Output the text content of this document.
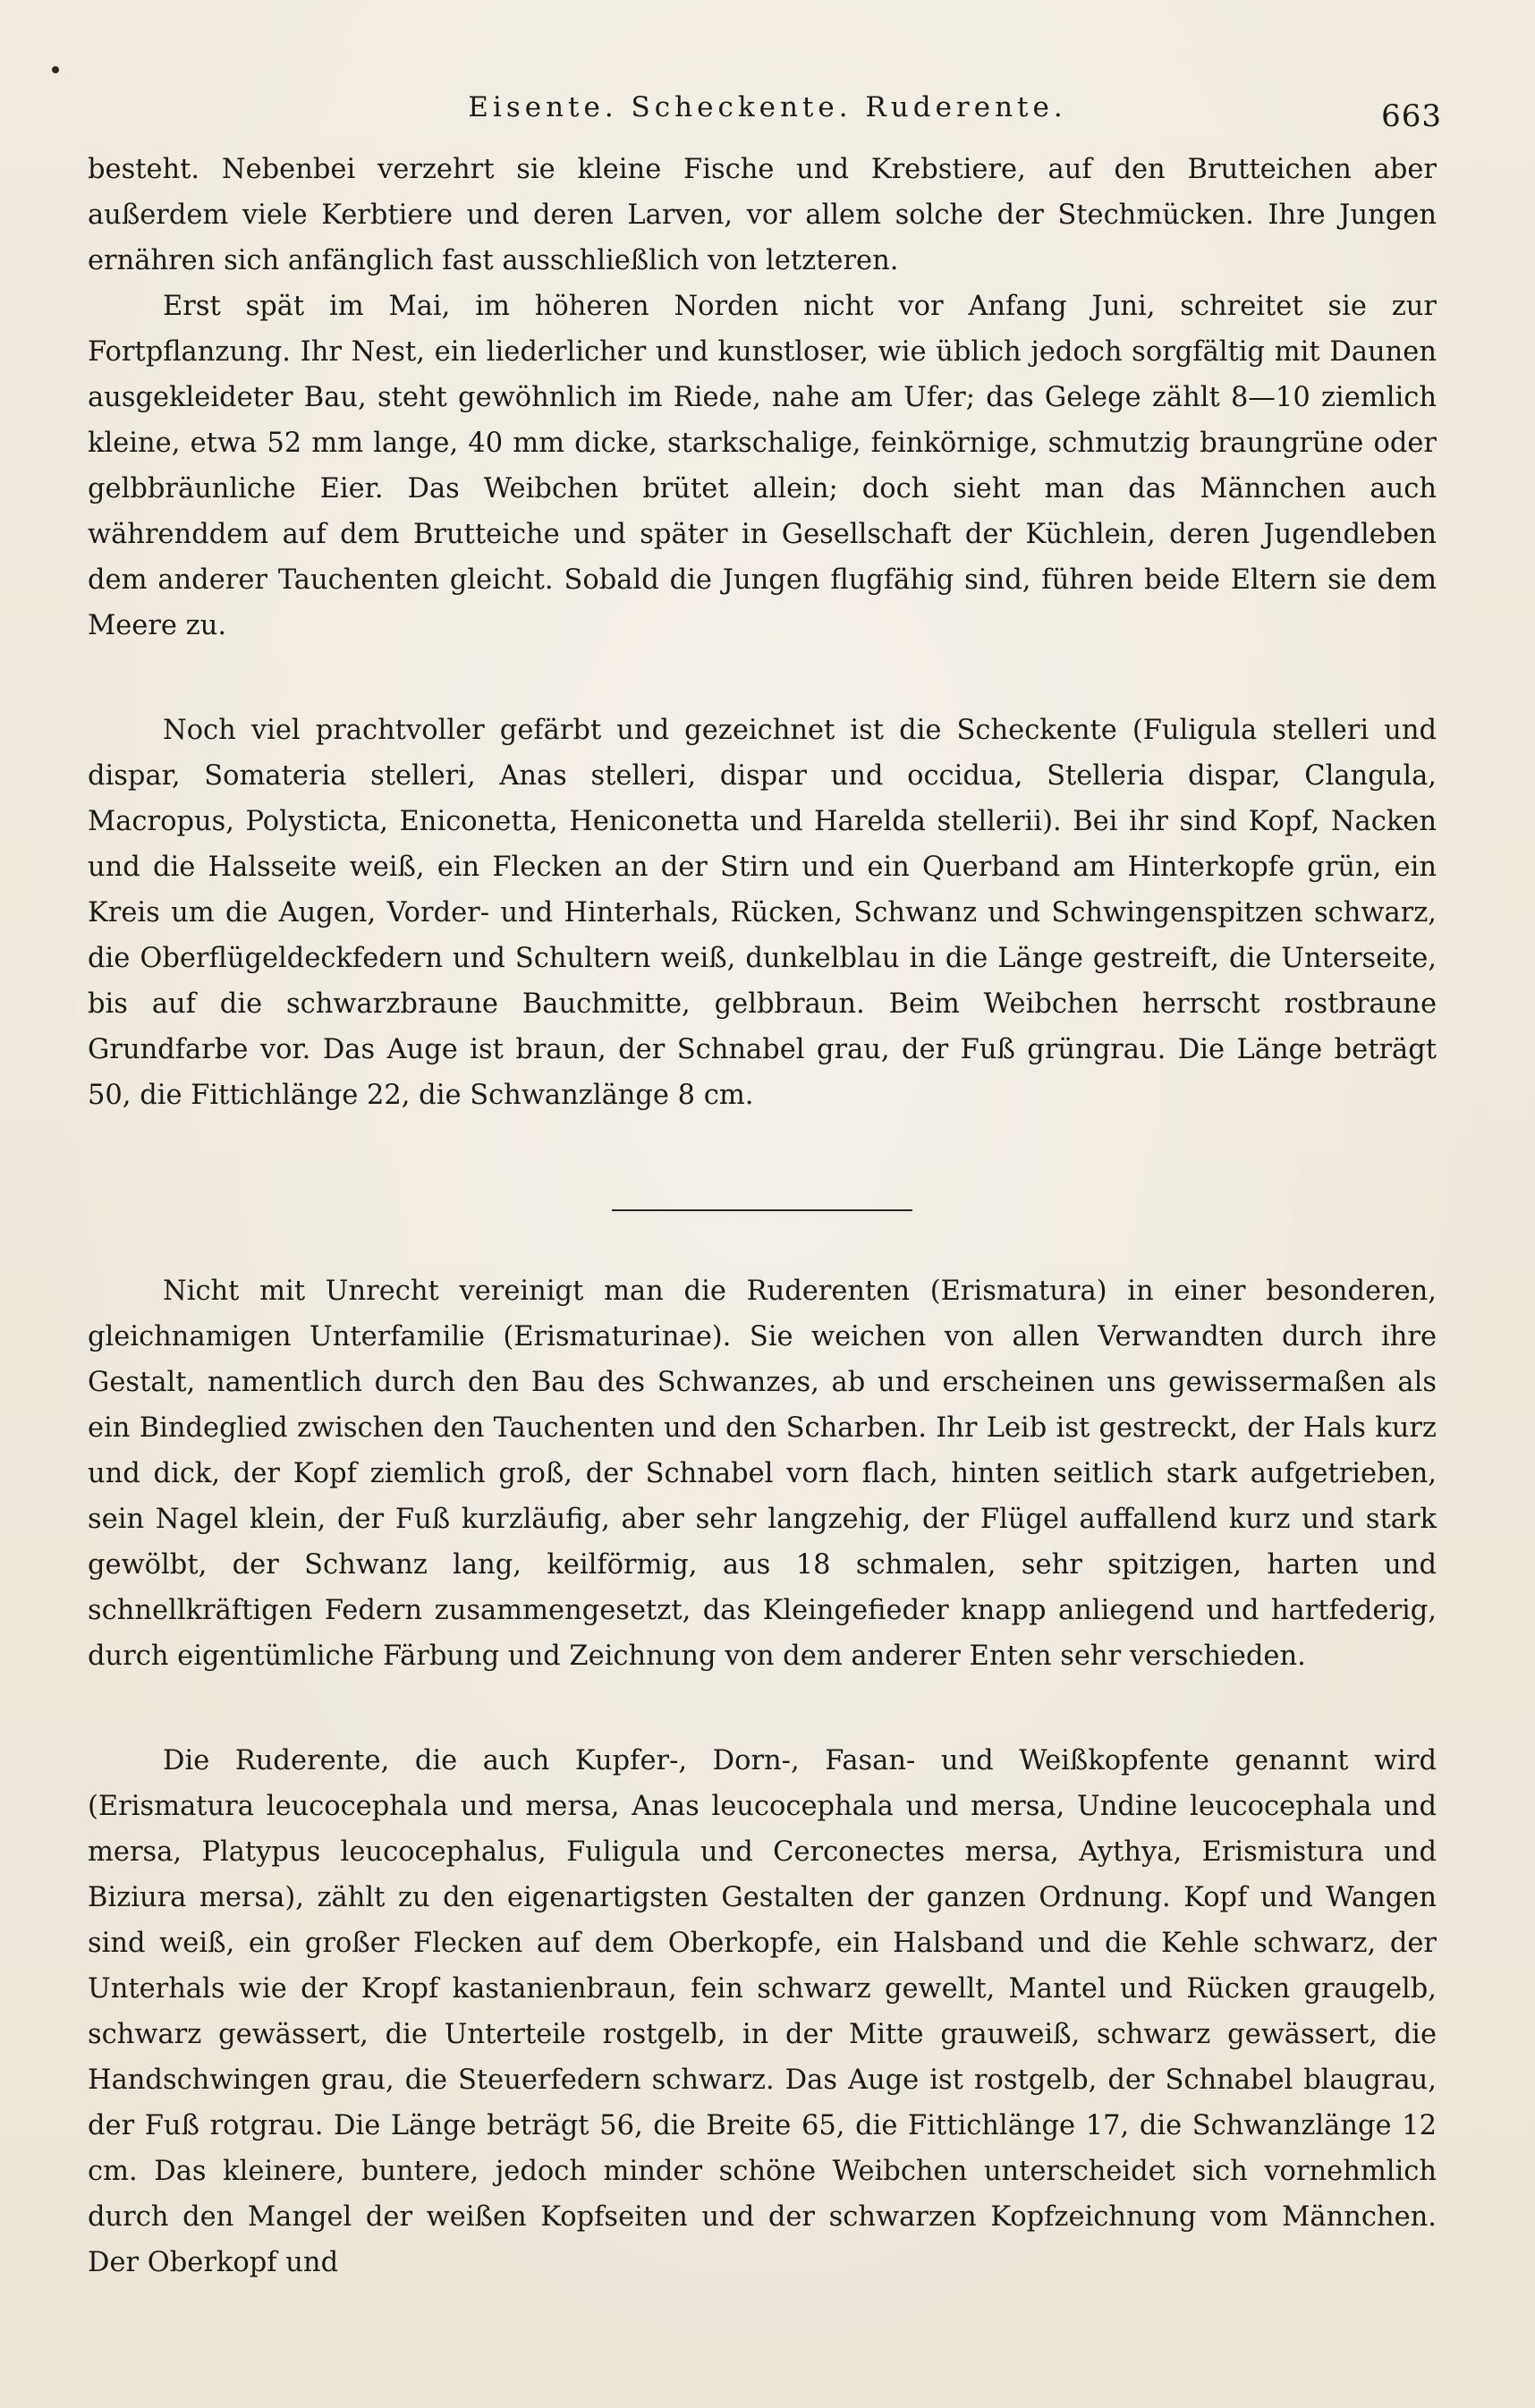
Eisente. Scheckente. Ruderente.	663

besteht. Nebenbei verzehrt sie kleine Fische und Krebstiere, auf den Brutteichen aber außerdem viele Kerbtiere und deren Larven, vor allem solche der Stechmücken. Ihre Jungen ernähren sich anfänglich fast ausschließlich von letzteren.

Erst spät im Mai, im höheren Norden nicht vor Anfang Juni, schreitet sie zur Fortpflanzung. Ihr Nest, ein liederlicher und kunstloser, wie üblich jedoch sorgfältig mit Daunen ausgekleideter Bau, steht gewöhnlich im Riede, nahe am Ufer; das Gelege zählt 8—10 ziemlich kleine, etwa 52 mm lange, 40 mm dicke, starkschalige, feinkörnige, schmutzig braungrüne oder gelbbräunliche Eier. Das Weibchen brütet allein; doch sieht man das Männchen auch währenddem auf dem Brutteiche und später in Gesellschaft der Küchlein, deren Jugendleben dem anderer Tauchenten gleicht. Sobald die Jungen flugfähig sind, führen beide Eltern sie dem Meere zu.

Noch viel prachtvoller gefärbt und gezeichnet ist die Scheckente (Fuligula stelleri und dispar, Somateria stelleri, Anas stelleri, dispar und occidua, Stelleria dispar, Clangula, Macropus, Polysticta, Eniconetta, Heniconetta und Harelda stellerii). Bei ihr sind Kopf, Nacken und die Halsseite weiß, ein Flecken an der Stirn und ein Querband am Hinterkopfe grün, ein Kreis um die Augen, Vorder- und Hinterhals, Rücken, Schwanz und Schwingenspitzen schwarz, die Oberflügeldeckfedern und Schultern weiß, dunkelblau in die Länge gestreift, die Unterseite, bis auf die schwarzbraune Bauchmitte, gelbbraun. Beim Weibchen herrscht rostbraune Grundfarbe vor. Das Auge ist braun, der Schnabel grau, der Fuß grüngrau. Die Länge beträgt 50, die Fittichlänge 22, die Schwanzlänge 8 cm.

Nicht mit Unrecht vereinigt man die Ruderenten (Erismatura) in einer besonderen, gleichnamigen Unterfamilie (Erismaturinae). Sie weichen von allen Verwandten durch ihre Gestalt, namentlich durch den Bau des Schwanzes, ab und erscheinen uns gewissermaßen als ein Bindeglied zwischen den Tauchenten und den Scharben. Ihr Leib ist gestreckt, der Hals kurz und dick, der Kopf ziemlich groß, der Schnabel vorn flach, hinten seitlich stark aufgetrieben, sein Nagel klein, der Fuß kurzläufig, aber sehr langzehig, der Flügel auffallend kurz und stark gewölbt, der Schwanz lang, keilförmig, aus 18 schmalen, sehr spitzigen, harten und schnellkräftigen Federn zusammengesetzt, das Kleingefieder knapp anliegend und hartfederig, durch eigentümliche Färbung und Zeichnung von dem anderer Enten sehr verschieden.

Die Ruderente, die auch Kupfer-, Dorn-, Fasan- und Weißkopfente genannt wird (Erismatura leucocephala und mersa, Anas leucocephala und mersa, Undine leucocephala und mersa, Platypus leucocephalus, Fuligula und Cerconectes mersa, Aythya, Erismistura und Biziura mersa), zählt zu den eigenartigsten Gestalten der ganzen Ordnung. Kopf und Wangen sind weiß, ein großer Flecken auf dem Oberkopfe, ein Halsband und die Kehle schwarz, der Unterhals wie der Kropf kastanienbraun, fein schwarz gewellt, Mantel und Rücken graugelb, schwarz gewässert, die Unterteile rostgelb, in der Mitte grauweiß, schwarz gewässert, die Handschwingen grau, die Steuerfedern schwarz. Das Auge ist rostgelb, der Schnabel blaugrau, der Fuß rotgrau. Die Länge beträgt 56, die Breite 65, die Fittichlänge 17, die Schwanzlänge 12 cm. Das kleinere, buntere, jedoch minder schöne Weibchen unterscheidet sich vornehmlich durch den Mangel der weißen Kopfseiten und der schwarzen Kopfzeichnung vom Männchen. Der Oberkopf und
